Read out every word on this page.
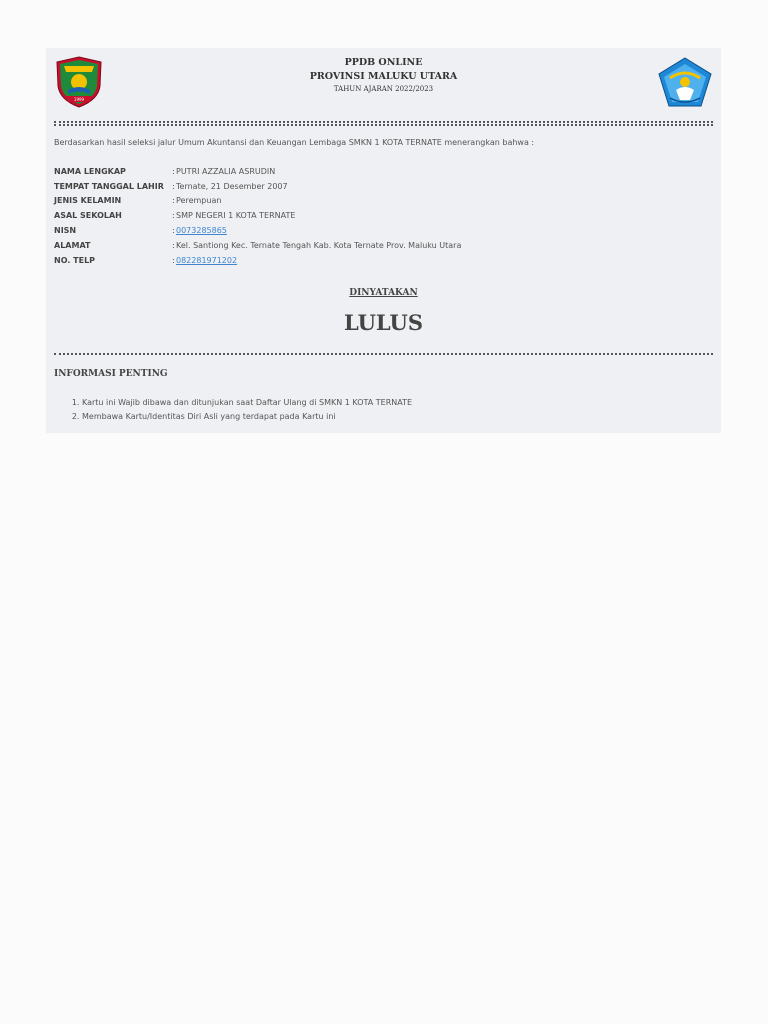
1999
PPDB ONLINE
PROVINSI MALUKU UTARA
TAHUN AJARAN 2022/2023
Berdasarkan hasil seleksi jalur Umum Akuntansi dan Keuangan Lembaga SMKN 1 KOTA TERNATE menerangkan bahwa :
NAMA LENGKAP	:	PUTRI AZZALIA ASRUDIN
TEMPAT TANGGAL LAHIR	:	Ternate, 21 Desember 2007
JENIS KELAMIN	:	Perempuan
ASAL SEKOLAH	:	SMP NEGERI 1 KOTA TERNATE
NISN	:	0073285865
ALAMAT	:	Kel. Santiong Kec. Ternate Tengah Kab. Kota Ternate Prov. Maluku Utara
NO. TELP	:	082281971202
DINYATAKAN
LULUS
INFORMASI PENTING
1. Kartu ini Wajib dibawa dan ditunjukan saat Daftar Ulang di SMKN 1 KOTA TERNATE
2. Membawa Kartu/Identitas Diri Asli yang terdapat pada Kartu ini
